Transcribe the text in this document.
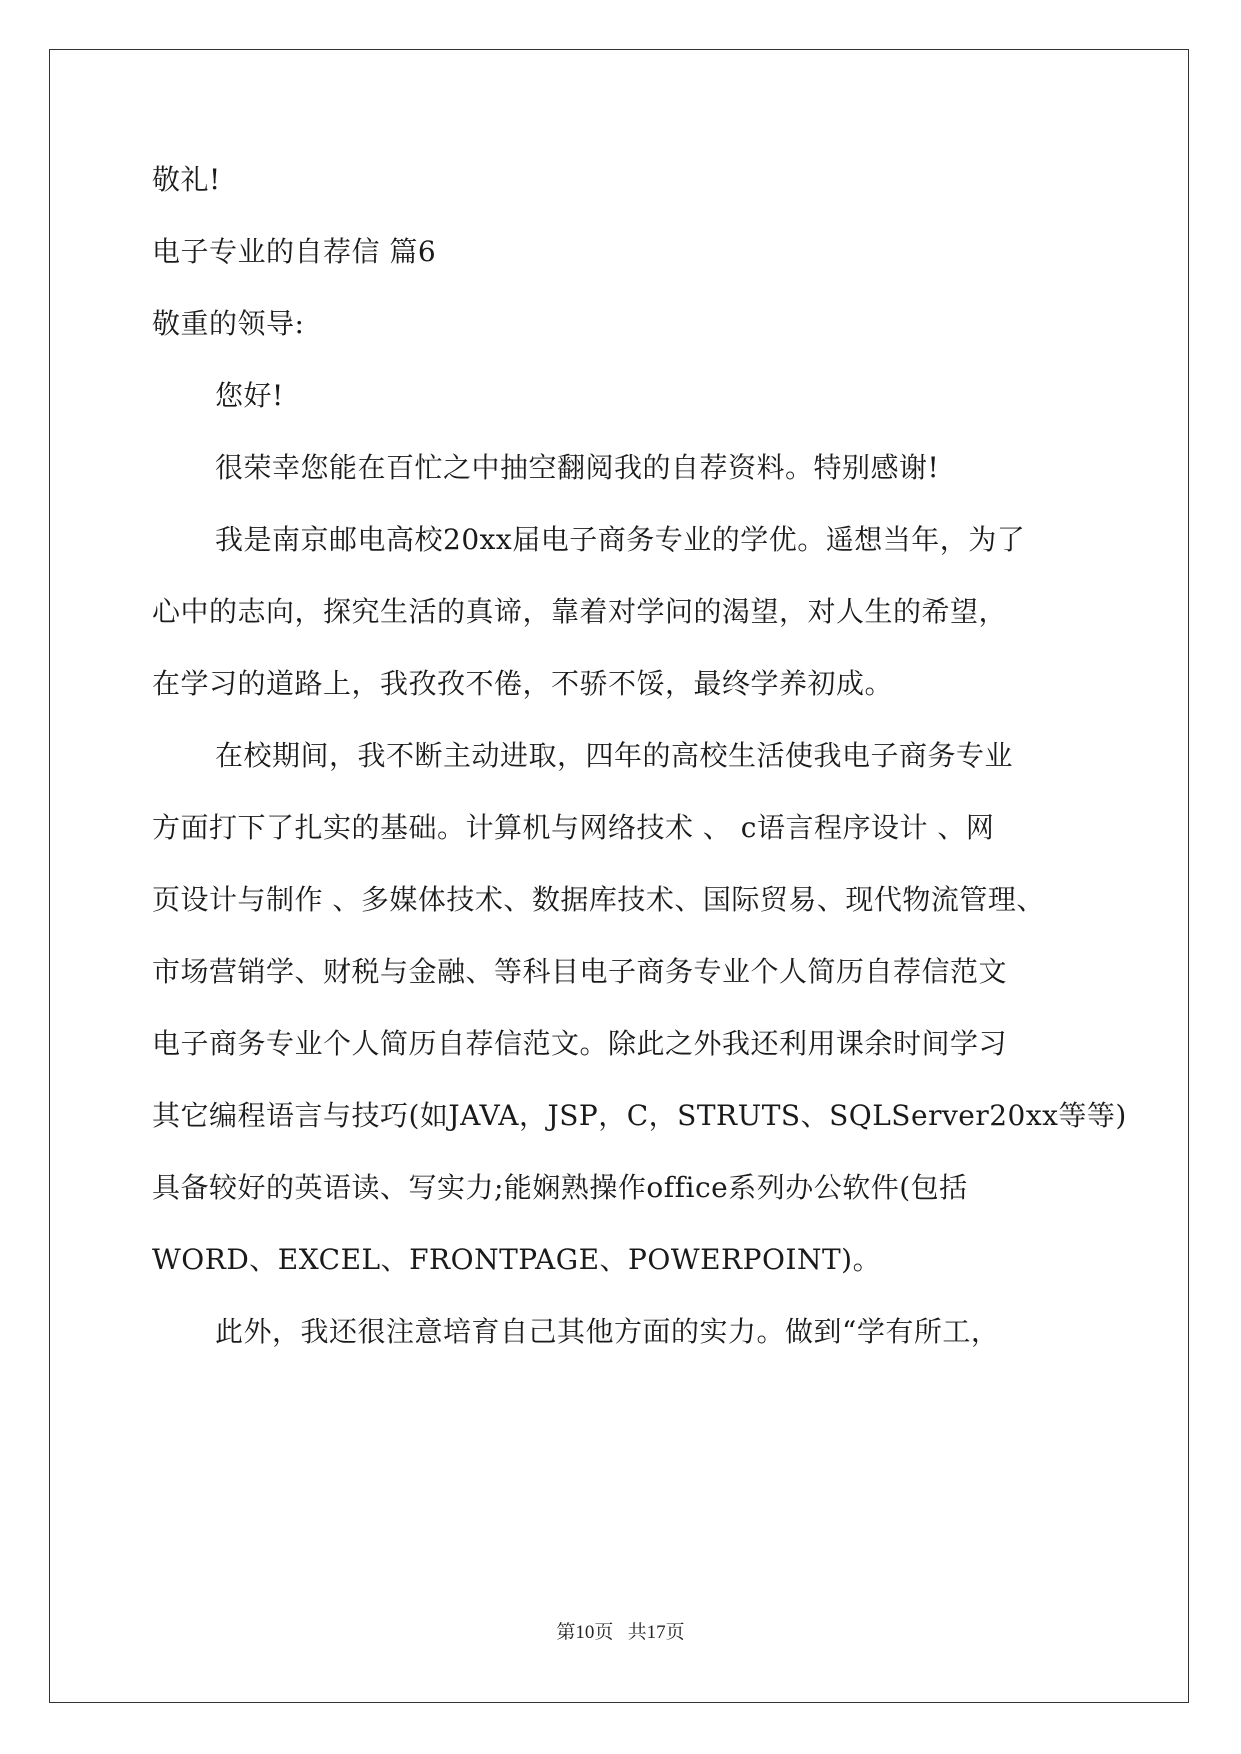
敬礼!
电子专业的自荐信 篇6
敬重的领导:
您好!
很荣幸您能在百忙之中抽空翻阅我的自荐资料。特别感谢!
我是南京邮电高校20xx届电子商务专业的学优。遥想当年，为了
心中的志向，探究生活的真谛，靠着对学问的渴望，对人生的希望，
在学习的道路上，我孜孜不倦，不骄不馁，最终学养初成。
在校期间，我不断主动进取，四年的高校生活使我电子商务专业
方面打下了扎实的基础。计算机与网络技术 、 c语言程序设计 、网
页设计与制作 、多媒体技术、数据库技术、国际贸易、现代物流管理、
市场营销学、财税与金融、等科目电子商务专业个人简历自荐信范文
电子商务专业个人简历自荐信范文。除此之外我还利用课余时间学习
其它编程语言与技巧(如JAVA，JSP，C，STRUTS、SQLServer20xx等等)
具备较好的英语读、写实力;能娴熟操作office系列办公软件(包括
WORD、EXCEL、FRONTPAGE、POWERPOINT)。
此外，我还很注意培育自己其他方面的实力。做到“学有所工，
第10页 共17页
